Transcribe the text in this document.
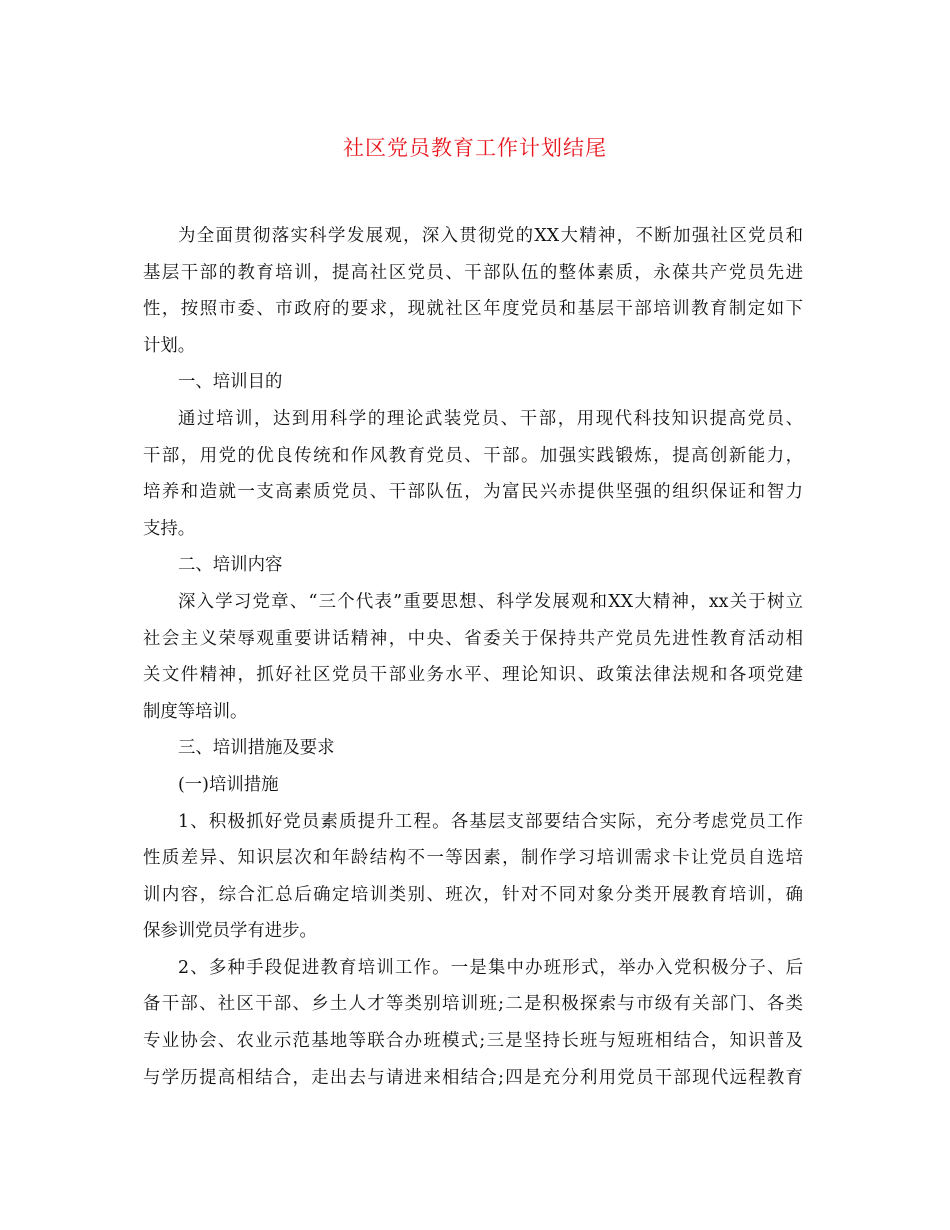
社区党员教育工作计划结尾
为全面贯彻落实科学发展观，深入贯彻党的XX大精神，不断加强社区党员和
基层干部的教育培训，提高社区党员、干部队伍的整体素质，永葆共产党员先进
性，按照市委、市政府的要求，现就社区年度党员和基层干部培训教育制定如下
计划。
一、培训目的
通过培训，达到用科学的理论武装党员、干部，用现代科技知识提高党员、
干部，用党的优良传统和作风教育党员、干部。加强实践锻炼，提高创新能力，
培养和造就一支高素质党员、干部队伍，为富民兴赤提供坚强的组织保证和智力
支持。
二、培训内容
深入学习党章、“三个代表”重要思想、科学发展观和XX大精神，xx关于树立
社会主义荣辱观重要讲话精神，中央、省委关于保持共产党员先进性教育活动相
关文件精神，抓好社区党员干部业务水平、理论知识、政策法律法规和各项党建
制度等培训。
三、培训措施及要求
(一)培训措施
1、积极抓好党员素质提升工程。各基层支部要结合实际，充分考虑党员工作
性质差异、知识层次和年龄结构不一等因素，制作学习培训需求卡让党员自选培
训内容，综合汇总后确定培训类别、班次，针对不同对象分类开展教育培训，确
保参训党员学有进步。
2、多种手段促进教育培训工作。一是集中办班形式，举办入党积极分子、后
备干部、社区干部、乡土人才等类别培训班;二是积极探索与市级有关部门、各类
专业协会、农业示范基地等联合办班模式;三是坚持长班与短班相结合，知识普及
与学历提高相结合，走出去与请进来相结合;四是充分利用党员干部现代远程教育
